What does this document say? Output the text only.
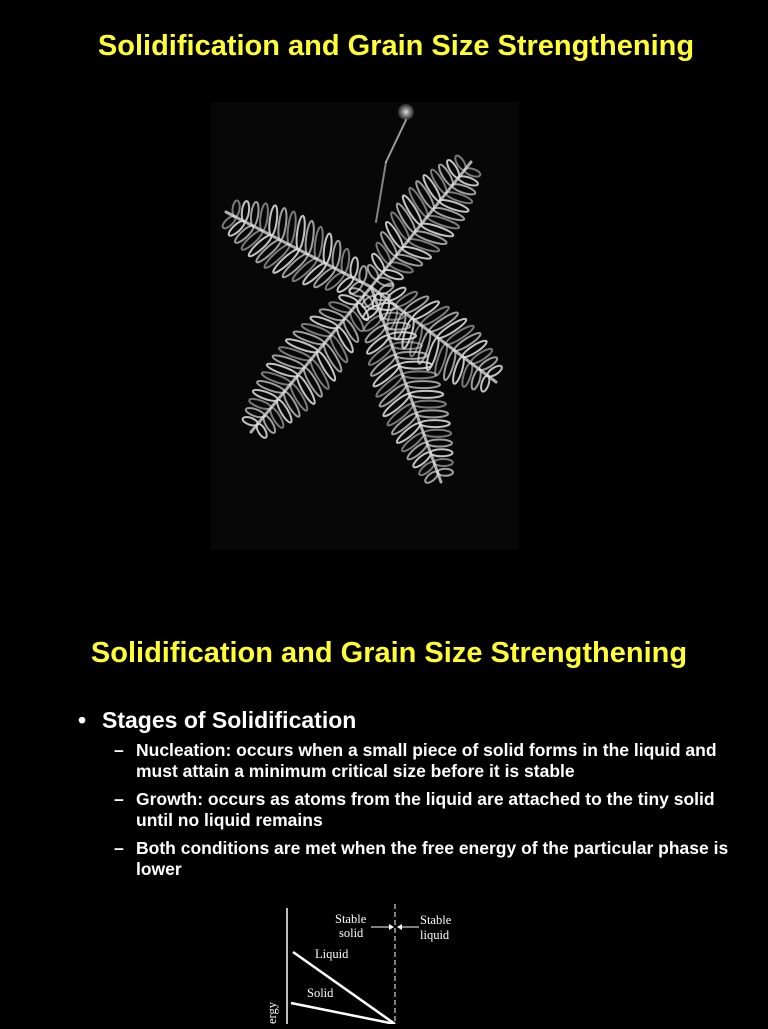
Solidification and Grain Size Strengthening
Solidification and Grain Size Strengthening
• Stages of Solidification
– Nucleation: occurs when a small piece of solid forms in the liquid and must attain a minimum critical size before it is stable
– Growth: occurs as atoms from the liquid are attached to the tiny solid until no liquid remains
– Both conditions are met when the free energy of the particular phase is lower
Stable
solid
Stable
liquid
Liquid
Solid
ergy
